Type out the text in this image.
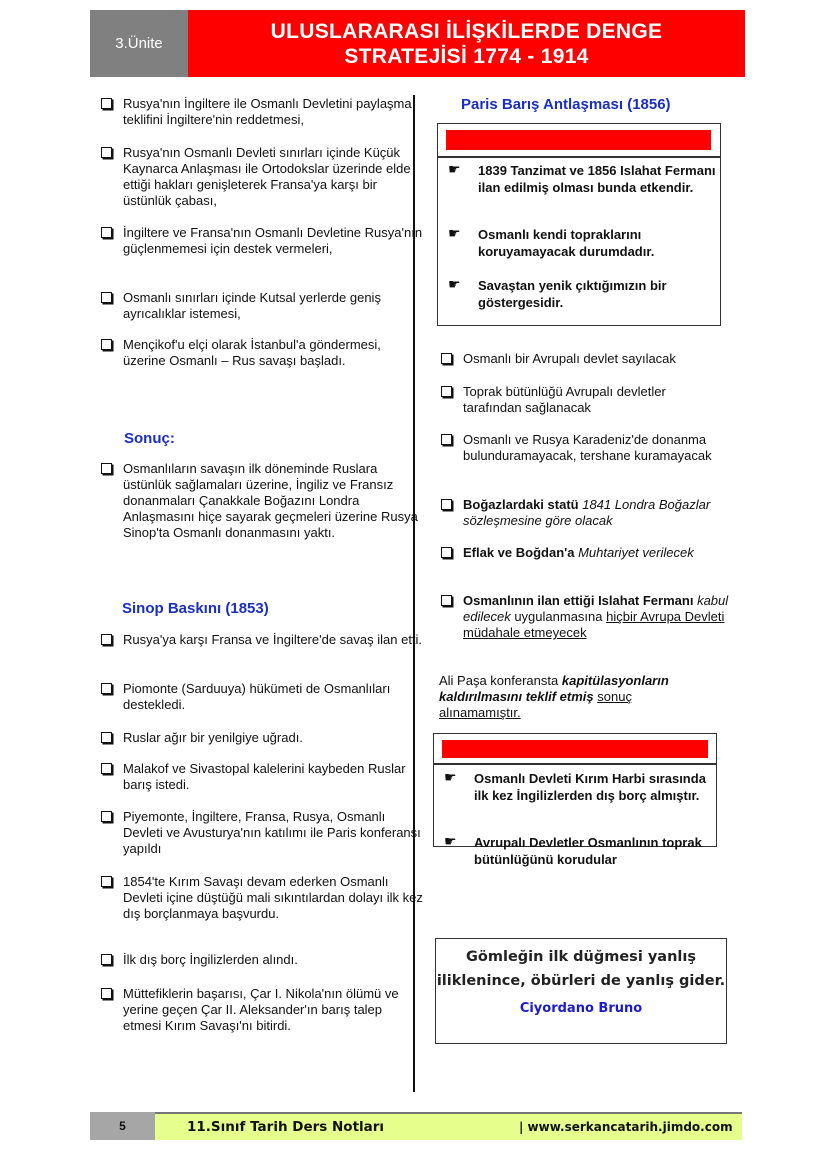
3.Ünite
ULUSLARARASI İLİŞKİLERDE DENGE
STRATEJİSİ 1774 - 1914
Rusya'nın İngiltere ile Osmanlı Devletini paylaşma teklifini İngiltere'nin reddetmesi,
Rusya'nın Osmanlı Devleti sınırları içinde Küçük Kaynarca Anlaşması ile Ortodokslar üzerinde elde ettiği hakları genişleterek Fransa'ya karşı bir üstünlük çabası,
İngiltere ve Fransa'nın Osmanlı Devletine Rusya'nın güçlenmemesi için destek vermeleri,
Osmanlı sınırları içinde Kutsal yerlerde geniş ayrıcalıklar istemesi,
Mençikof'u elçi olarak İstanbul'a göndermesi, üzerine Osmanlı – Rus savaşı başladı.
Sonuç:
Osmanlıların savaşın ilk döneminde Ruslara üstünlük sağlamaları üzerine, İngiliz ve Fransız donanmaları Çanakkale Boğazını Londra Anlaşmasını hiçe sayarak geçmeleri üzerine Rusya Sinop'ta Osmanlı donanmasını yaktı.
Sinop Baskını (1853)
Rusya'ya karşı Fransa ve İngiltere'de savaş ilan etti.
Piomonte (Sarduuya) hükümeti de Osmanlıları destekledi.
Ruslar ağır bir yenilgiye uğradı.
Malakof ve Sivastopal kalelerini kaybeden Ruslar barış istedi.
Piyemonte, İngiltere, Fransa, Rusya, Osmanlı Devleti ve Avusturya'nın katılımı ile Paris konferansı yapıldı
1854'te Kırım Savaşı devam ederken Osmanlı Devleti içine düştüğü mali sıkıntılardan dolayı ilk kez dış borçlanmaya başvurdu.
İlk dış borç İngilizlerden alındı.
Müttefiklerin başarısı, Çar I. Nikola'nın ölümü ve yerine geçen Çar II. Aleksander'ın barış talep etmesi Kırım Savaşı'nı bitirdi.
Paris Barış Antlaşması (1856)
☛ 1839 Tanzimat ve 1856 Islahat Fermanı ilan edilmiş olması bunda etkendir.
☛ Osmanlı kendi topraklarını koruyamayacak durumdadır.
☛ Savaştan yenik çıktığımızın bir göstergesidir.
Osmanlı bir Avrupalı devlet sayılacak
Toprak bütünlüğü Avrupalı devletler tarafından sağlanacak
Osmanlı ve Rusya Karadeniz'de donanma bulunduramayacak, tershane kuramayacak
Boğazlardaki statü 1841 Londra Boğazlar sözleşmesine göre olacak
Eflak ve Boğdan'a Muhtariyet verilecek
Osmanlının ilan ettiği Islahat Fermanı kabul edilecek uygulanmasına hiçbir Avrupa Devleti müdahale etmeyecek
Ali Paşa konferansta kapitülasyonların kaldırılmasını teklif etmiş sonuç alınamamıştır.
☛ Osmanlı Devleti Kırım Harbi sırasında ilk kez İngilizlerden dış borç almıştır.
☛ Avrupalı Devletler Osmanlının toprak bütünlüğünü korudular
Gömleğin ilk düğmesi yanlış iliklenince, öbürleri de yanlış gider.
Ciyordano Bruno
5	11.Sınıf Tarih Ders Notları	| www.serkancatarih.jimdo.com
